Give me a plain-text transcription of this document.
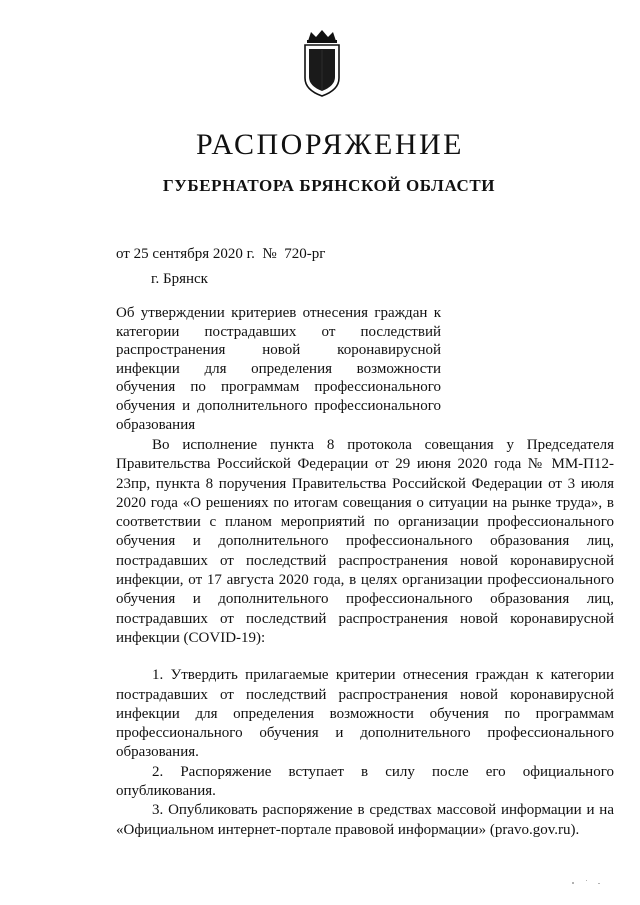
РАСПОРЯЖЕНИЕ
ГУБЕРНАТОРА БРЯНСКОЙ ОБЛАСТИ
от 25 сентября 2020 г.  №  720-рг
г. Брянск
Об утверждении критериев отнесения граждан к категории пострадавших от последствий распространения новой коронавирусной инфекции для определения возможности обучения по программам профессионального обучения и дополнительного профессионального образования

Во исполнение пункта 8 протокола совещания у Председателя Правительства Российской Федерации от 29 июня 2020 года № ММ-П12-23пр, пункта 8 поручения Правительства Российской Федерации от 3 июля 2020 года «О решениях по итогам совещания о ситуации на рынке труда», в соответствии с планом мероприятий по организации профессионального обучения и дополнительного профессионального образования лиц, пострадавших от последствий распространения новой коронавирусной инфекции, от 17 августа 2020 года, в целях организации профессионального обучения и дополнительного профессионального образования лиц, пострадавших от последствий распространения новой коронавирусной инфекции (COVID-19):

1. Утвердить прилагаемые критерии отнесения граждан к категории пострадавших от последствий распространения новой коронавирусной инфекции для определения возможности обучения по программам профессионального обучения и дополнительного профессионального образования.

2. Распоряжение вступает в силу после его официального опубликования.

3. Опубликовать распоряжение в средствах массовой информации и на «Официальном интернет-портале правовой информации» (pravo.gov.ru).
